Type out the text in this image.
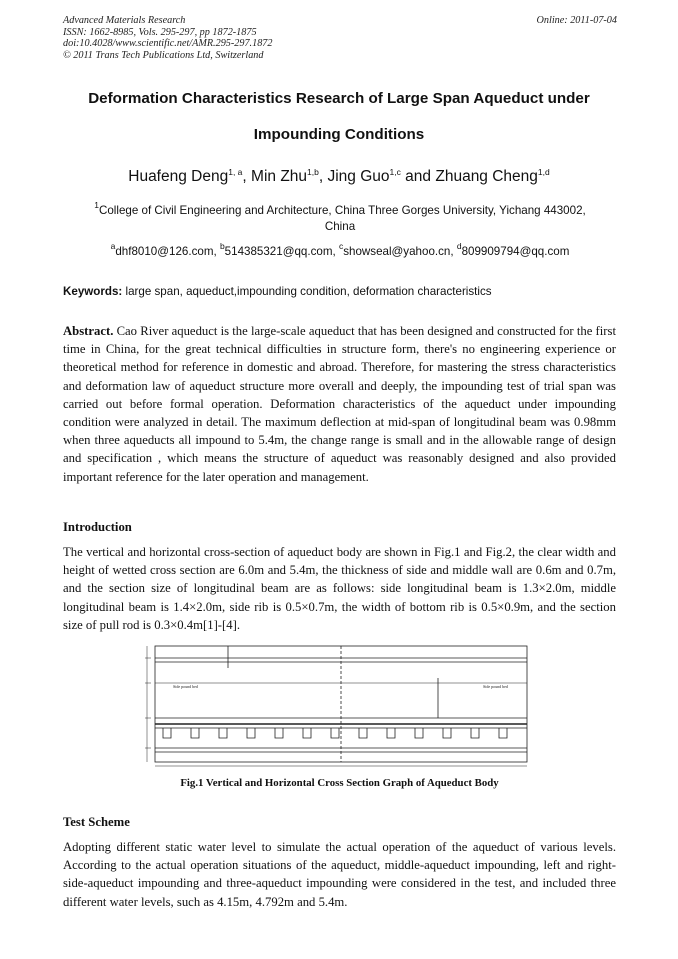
Advanced Materials Research
ISSN: 1662-8985, Vols. 295-297, pp 1872-1875
doi:10.4028/www.scientific.net/AMR.295-297.1872
© 2011 Trans Tech Publications Ltd, Switzerland
Online: 2011-07-04
Deformation Characteristics Research of Large Span Aqueduct under
Impounding Conditions
Huafeng Deng$^{1, a}$, Min Zhu$^{1,b}$, Jing Guo$^{1,c}$ and Zhuang Cheng$^{1,d}$
$^1$College of Civil Engineering and Architecture, China Three Gorges University, Yichang 443002,
China
$^a$dhf8010@126.com, $^b$514385321@qq.com, $^c$showseal@yahoo.cn, $^d$809909794@qq.com
Keywords: large span, aqueduct,impounding condition, deformation characteristics
Abstract. Cao River aqueduct is the large-scale aqueduct that has been designed and constructed for the first time in China, for the great technical difficulties in structure form, there's no engineering experience or theoretical method for reference in domestic and abroad. Therefore, for mastering the stress characteristics and deformation law of aqueduct structure more overall and deeply, the impounding test of trial span was carried out before formal operation. Deformation characteristics of the aqueduct under impounding condition were analyzed in detail. The maximum deflection at mid-span of longitudinal beam was 0.98mm when three aqueducts all impound to 5.4m, the change range is small and in the allowable range of design and specification , which means the structure of aqueduct was reasonably designed and also provided important reference for the later operation and management.
Introduction
The vertical and horizontal cross-section of aqueduct body are shown in Fig.1 and Fig.2, the clear width and height of wetted cross section are 6.0m and 5.4m, the thickness of side and middle wall are 0.6m and 0.7m, and the section size of longitudinal beam are as follows: side longitudinal beam is 1.3×2.0m, middle longitudinal beam is 1.4×2.0m, side rib is 0.5×0.7m, the width of bottom rib is 0.5×0.9m, and the section size of pull rod is 0.3×0.4m[1]-[4].
Side pound bed	Side pound bed
Fig.1 Vertical and Horizontal Cross Section Graph of Aqueduct Body
Test Scheme
Adopting different static water level to simulate the actual operation of the aqueduct of various levels. According to the actual operation situations of the aqueduct, middle-aqueduct impounding, left and right-side-aqueduct impounding and three-aqueduct impounding were considered in the test, and included three different water levels, such as 4.15m, 4.792m and 5.4m.
